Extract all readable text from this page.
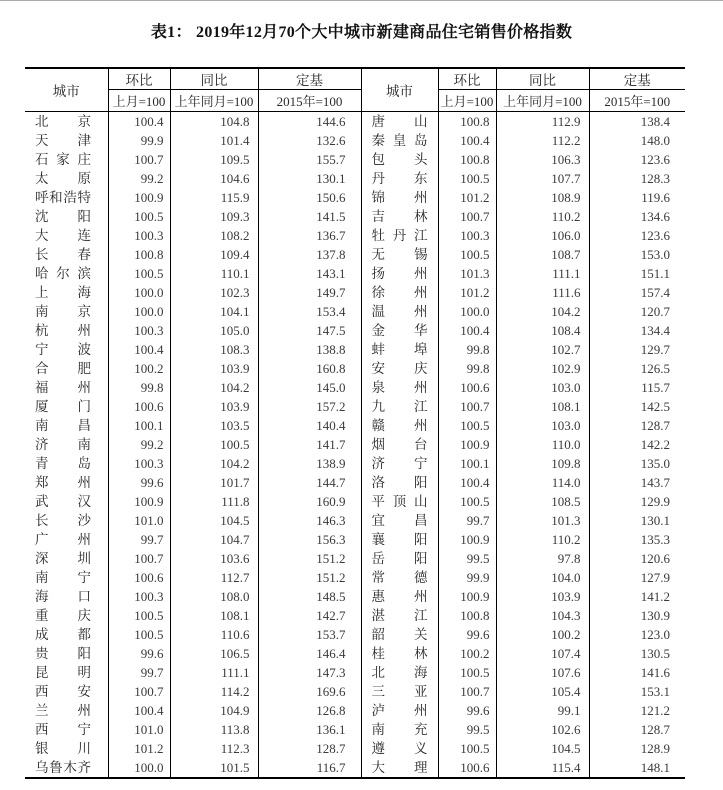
表1： 2019年12月70个大中城市新建商品住宅销售价格指数
城市	环比	同比	定基	城市	环比	同比	定基
	上月=100	上年同月=100	2015年=100		上月=100	上年同月=100	2015年=100
北京	100.4	104.8	144.6	唐山	100.8	112.9	138.4
天津	99.9	101.4	132.6	秦皇岛	100.4	112.2	148.0
石家庄	100.7	109.5	155.7	包头	100.8	106.3	123.6
太原	99.2	104.6	130.1	丹东	100.5	107.7	128.3
呼和浩特	100.9	115.9	150.6	锦州	101.2	108.9	119.6
沈阳	100.5	109.3	141.5	吉林	100.7	110.2	134.6
大连	100.3	108.2	136.7	牡丹江	100.3	106.0	123.6
长春	100.8	109.4	137.8	无锡	100.5	108.7	153.0
哈尔滨	100.5	110.1	143.1	扬州	101.3	111.1	151.1
上海	100.0	102.3	149.7	徐州	101.2	111.6	157.4
南京	100.0	104.1	153.4	温州	100.0	104.2	120.7
杭州	100.3	105.0	147.5	金华	100.4	108.4	134.4
宁波	100.4	108.3	138.8	蚌埠	99.8	102.7	129.7
合肥	100.2	103.9	160.8	安庆	99.8	102.9	126.5
福州	99.8	104.2	145.0	泉州	100.6	103.0	115.7
厦门	100.6	103.9	157.2	九江	100.7	108.1	142.5
南昌	100.1	103.5	140.4	赣州	100.5	103.0	128.7
济南	99.2	100.5	141.7	烟台	100.9	110.0	142.2
青岛	100.3	104.2	138.9	济宁	100.1	109.8	135.0
郑州	99.6	101.7	144.7	洛阳	100.4	114.0	143.7
武汉	100.9	111.8	160.9	平顶山	100.5	108.5	129.9
长沙	101.0	104.5	146.3	宜昌	99.7	101.3	130.1
广州	99.7	104.7	156.3	襄阳	100.9	110.2	135.3
深圳	100.7	103.6	151.2	岳阳	99.5	97.8	120.6
南宁	100.6	112.7	151.2	常德	99.9	104.0	127.9
海口	100.3	108.0	148.5	惠州	100.9	103.9	141.2
重庆	100.5	108.1	142.7	湛江	100.8	104.3	130.9
成都	100.5	110.6	153.7	韶关	99.6	100.2	123.0
贵阳	99.6	106.5	146.4	桂林	100.2	107.4	130.5
昆明	99.7	111.1	147.3	北海	100.5	107.6	141.6
西安	100.7	114.2	169.6	三亚	100.7	105.4	153.1
兰州	100.4	104.9	126.8	泸州	99.6	99.1	121.2
西宁	101.0	113.8	136.1	南充	99.5	102.6	128.7
银川	101.2	112.3	128.7	遵义	100.5	104.5	128.9
乌鲁木齐	100.0	101.5	116.7	大理	100.6	115.4	148.1
